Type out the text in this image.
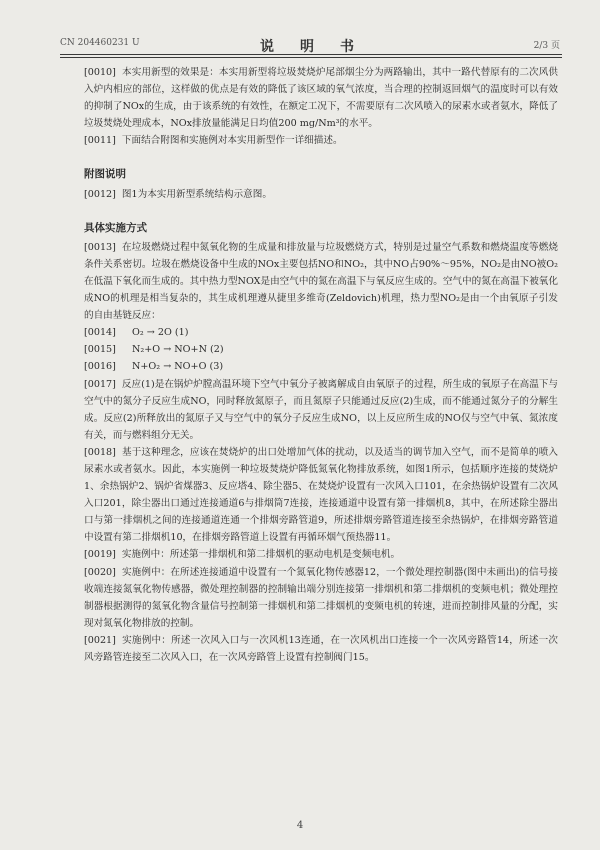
CN 204460231 U	说　明　书	2/3 页

[0010] 本实用新型的效果是：本实用新型将垃圾焚烧炉尾部烟尘分为两路输出，其中一路代替原有的二次风供入炉内相应的部位，这样做的优点是有效的降低了该区域的氧气浓度，当合理的控制返回烟气的温度时可以有效的抑制了NOx的生成，由于该系统的有效性，在额定工况下，不需要原有二次风喷入的尿素水或者氨水，降低了垃圾焚烧处理成本，NOx排放量能满足日均值200 mg/Nm³的水平。

[0011] 下面结合附图和实施例对本实用新型作一详细描述。

附图说明

[0012] 图1为本实用新型系统结构示意图。

具体实施方式

[0013] 在垃圾燃烧过程中氮氧化物的生成量和排放量与垃圾燃烧方式，特别是过量空气系数和燃烧温度等燃烧条件关系密切。垃圾在燃烧设备中生成的NOx主要包括NO和NO₂，其中NO占90%～95%，NO₂是由NO被O₂在低温下氧化而生成的。其中热力型NOX是由空气中的氮在高温下与氧反应生成的。空气中的氮在高温下被氧化成NO的机理是相当复杂的，其生成机理遵从捷里多维奇(Zeldovich)机理，热力型NO₂是由一个由氧原子引发的自由基链反应：

[0014] O₂ → 2O (1)

[0015] N₂+O → NO+N (2)

[0016] N+O₂ → NO+O (3)

[0017] 反应(1)是在锅炉炉膛高温环境下空气中氧分子被离解成自由氧原子的过程，所生成的氧原子在高温下与空气中的氮分子反应生成NO，同时释放氮原子，而且氮原子只能通过反应(2)生成，而不能通过氮分子的分解生成。反应(2)所释放出的氮原子又与空气中的氧分子反应生成NO，以上反应所生成的NO仅与空气中氧、氮浓度有关，而与燃料组分无关。

[0018] 基于这种理念，应该在焚烧炉的出口处增加气体的扰动，以及适当的调节加入空气，而不是简单的喷入尿素水或者氨水。因此，本实施例一种垃圾焚烧炉降低氮氧化物排放系统，如图1所示，包括顺序连接的焚烧炉1、余热锅炉2、锅炉省煤器3、反应塔4、除尘器5、在焚烧炉设置有一次风入口101，在余热锅炉设置有二次风入口201，除尘器出口通过连接通道6与排烟筒7连接，连接通道中设置有第一排烟机8，其中，在所述除尘器出口与第一排烟机之间的连接通道连通一个排烟旁路管道9，所述排烟旁路管道连接至余热锅炉，在排烟旁路管道中设置有第二排烟机10，在排烟旁路管道上设置有再循环烟气预热器11。

[0019] 实施例中：所述第一排烟机和第二排烟机的驱动电机是变频电机。

[0020] 实施例中：在所述连接通道中设置有一个氮氧化物传感器12，一个微处理控制器(图中未画出)的信号接收端连接氮氧化物传感器，微处理控制器的控制输出端分别连接第一排烟机和第二排烟机的变频电机；微处理控制器根据测得的氮氧化物含量信号控制第一排烟机和第二排烟机的变频电机的转速，进而控制排风量的分配，实现对氮氧化物排放的控制。

[0021] 实施例中：所述一次风入口与一次风机13连通，在一次风机出口连接一个一次风旁路管14，所述一次风旁路管连接至二次风入口，在一次风旁路管上设置有控制阀门15。

4
